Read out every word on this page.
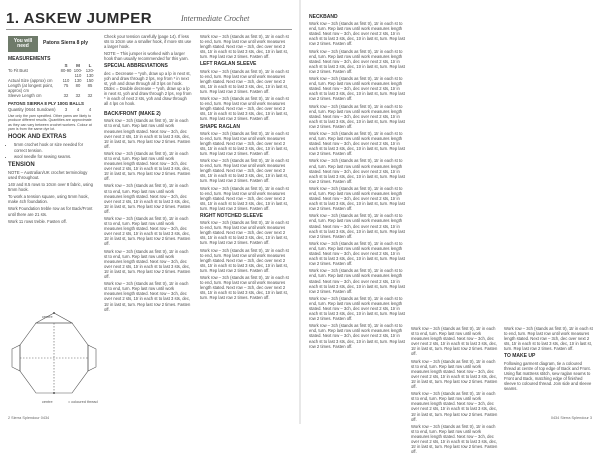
1. ASKEW JUMPER	Intermediate Crochet
You will need	Patons Sierra 8 ply
MEASUREMENTS
	S	M	L
To Fit Bust	80-90	100-110	120-130
Actual Size (approx) cm	110	130	150
Length (at longest point, approx) cm	75	80	85
Sleeve Length cm	32	32	32
PATONS SIERRA 8 PLY 100G BALLS
Quantity (0644 Sundown)	3	4	4

Use only the yarn specified. Other yarns are likely to produce different results. Quantities are approximate as they can vary between crochet workers. Colour at yarn is from the same dye lot.

HOOK AND EXTRAS
• 5mm crochet hook or size needed for correct tension.
• wool needle for sewing seams.
TENSION

NOTE – Australian/UK crochet terminology used throughout.

14tr and 8.5 rows to 10cm over 8 fabric, using 5mm hook.

To work a tension square, using 5mm hook, make 4ch foundation.

Work Foundation treble row as for Back/Front until there are 21 sts.

Work 11 rows treble. Fasten off.

centre
centre	= coloured thread

Check your tension carefully (page 14). If less sts to 10cm use a smaller hook, if more sts use a larger hook.

NOTE – This jumper is worked with a larger hook than usually recommended for this yarn.

SPECIAL ABBREVIATIONS

dec = Decrease – *yoh, draw up a lp in next st, yoh and draw through 2 lps, rep from * in next st, yoh and draw through all 3 lps on hook. Dtdec = Double decrease – *yoh, draw up a lp in next st, yoh and draw through 2 lps, rep from * in each of next 2 sts, yoh and draw through all 4 lps on hook.

BACK/FRONT (MAKE 2)

Work row – 3ch (stands as first tr), 1tr in each st to end, turn. Rep last row until work measures length stated. Next row – 3ch, dec over next 2 sts, 1tr in each st to last 3 sts, dec, 1tr in last st, turn. Rep last row 2 times. Fasten off.

Work row – 3ch (stands as first tr), 1tr in each st to end, turn. Rep last row until work measures length stated. Next row – 3ch, dec over next 2 sts, 1tr in each st to last 3 sts, dec, 1tr in last st, turn. Rep last row 2 times. Fasten off.

Work row – 3ch (stands as first tr), 1tr in each st to end, turn. Rep last row until work measures length stated. Next row – 3ch, dec over next 2 sts, 1tr in each st to last 3 sts, dec, 1tr in last st, turn. Rep last row 2 times. Fasten off.

Work row – 3ch (stands as first tr), 1tr in each st to end, turn. Rep last row until work measures length stated. Next row – 3ch, dec over next 2 sts, 1tr in each st to last 3 sts, dec, 1tr in last st, turn. Rep last row 2 times. Fasten off.

Work row – 3ch (stands as first tr), 1tr in each st to end, turn. Rep last row until work measures length stated. Next row – 3ch, dec over next 2 sts, 1tr in each st to last 3 sts, dec, 1tr in last st, turn. Rep last row 2 times. Fasten off.

Work row – 3ch (stands as first tr), 1tr in each st to end, turn. Rep last row until work measures length stated. Next row – 3ch, dec over next 2 sts, 1tr in each st to last 3 sts, dec, 1tr in last st, turn. Rep last row 2 times. Fasten off.

Work row – 3ch (stands as first tr), 1tr in each st to end, turn. Rep last row until work measures length stated. Next row – 3ch, dec over next 2 sts, 1tr in each st to last 3 sts, dec, 1tr in last st, turn. Rep last row 2 times. Fasten off.

LEFT RAGLAN SLEEVE

Work row – 3ch (stands as first tr), 1tr in each st to end, turn. Rep last row until work measures length stated. Next row – 3ch, dec over next 2 sts, 1tr in each st to last 3 sts, dec, 1tr in last st, turn. Rep last row 2 times. Fasten off.

Work row – 3ch (stands as first tr), 1tr in each st to end, turn. Rep last row until work measures length stated. Next row – 3ch, dec over next 2 sts, 1tr in each st to last 3 sts, dec, 1tr in last st, turn. Rep last row 2 times. Fasten off.

SHAPE RAGLAN

Work row – 3ch (stands as first tr), 1tr in each st to end, turn. Rep last row until work measures length stated. Next row – 3ch, dec over next 2 sts, 1tr in each st to last 3 sts, dec, 1tr in last st, turn. Rep last row 2 times. Fasten off.

Work row – 3ch (stands as first tr), 1tr in each st to end, turn. Rep last row until work measures length stated. Next row – 3ch, dec over next 2 sts, 1tr in each st to last 3 sts, dec, 1tr in last st, turn. Rep last row 2 times. Fasten off.

Work row – 3ch (stands as first tr), 1tr in each st to end, turn. Rep last row until work measures length stated. Next row – 3ch, dec over next 2 sts, 1tr in each st to last 3 sts, dec, 1tr in last st, turn. Rep last row 2 times. Fasten off.

RIGHT NOTCHED SLEEVE

Work row – 3ch (stands as first tr), 1tr in each st to end, turn. Rep last row until work measures length stated. Next row – 3ch, dec over next 2 sts, 1tr in each st to last 3 sts, dec, 1tr in last st, turn. Rep last row 2 times. Fasten off.

Work row – 3ch (stands as first tr), 1tr in each st to end, turn. Rep last row until work measures length stated. Next row – 3ch, dec over next 2 sts, 1tr in each st to last 3 sts, dec, 1tr in last st, turn. Rep last row 2 times. Fasten off.

Work row – 3ch (stands as first tr), 1tr in each st to end, turn. Rep last row until work measures length stated. Next row – 3ch, dec over next 2 sts, 1tr in each st to last 3 sts, dec, 1tr in last st, turn. Rep last row 2 times. Fasten off.

2 Sierra Splendour 0434
NECKBAND

Work row – 3ch (stands as first tr), 1tr in each st to end, turn. Rep last row until work measures length stated. Next row – 3ch, dec over next 2 sts, 1tr in each st to last 3 sts, dec, 1tr in last st, turn. Rep last row 2 times. Fasten off.

Work row – 3ch (stands as first tr), 1tr in each st to end, turn. Rep last row until work measures length stated. Next row – 3ch, dec over next 2 sts, 1tr in each st to last 3 sts, dec, 1tr in last st, turn. Rep last row 2 times. Fasten off.

Work row – 3ch (stands as first tr), 1tr in each st to end, turn. Rep last row until work measures length stated. Next row – 3ch, dec over next 2 sts, 1tr in each st to last 3 sts, dec, 1tr in last st, turn. Rep last row 2 times. Fasten off.

Work row – 3ch (stands as first tr), 1tr in each st to end, turn. Rep last row until work measures length stated. Next row – 3ch, dec over next 2 sts, 1tr in each st to last 3 sts, dec, 1tr in last st, turn. Rep last row 2 times. Fasten off.

Work row – 3ch (stands as first tr), 1tr in each st to end, turn. Rep last row until work measures length stated. Next row – 3ch, dec over next 2 sts, 1tr in each st to last 3 sts, dec, 1tr in last st, turn. Rep last row 2 times. Fasten off.

Work row – 3ch (stands as first tr), 1tr in each st to end, turn. Rep last row until work measures length stated. Next row – 3ch, dec over next 2 sts, 1tr in each st to last 3 sts, dec, 1tr in last st, turn. Rep last row 2 times. Fasten off.

Work row – 3ch (stands as first tr), 1tr in each st to end, turn. Rep last row until work measures length stated. Next row – 3ch, dec over next 2 sts, 1tr in each st to last 3 sts, dec, 1tr in last st, turn. Rep last row 2 times. Fasten off.

Work row – 3ch (stands as first tr), 1tr in each st to end, turn. Rep last row until work measures length stated. Next row – 3ch, dec over next 2 sts, 1tr in each st to last 3 sts, dec, 1tr in last st, turn. Rep last row 2 times. Fasten off.

Work row – 3ch (stands as first tr), 1tr in each st to end, turn. Rep last row until work measures length stated. Next row – 3ch, dec over next 2 sts, 1tr in each st to last 3 sts, dec, 1tr in last st, turn. Rep last row 2 times. Fasten off.

Work row – 3ch (stands as first tr), 1tr in each st to end, turn. Rep last row until work measures length stated. Next row – 3ch, dec over next 2 sts, 1tr in each st to last 3 sts, dec, 1tr in last st, turn. Rep last row 2 times. Fasten off.

Work row – 3ch (stands as first tr), 1tr in each st to end, turn. Rep last row until work measures length stated. Next row – 3ch, dec over next 2 sts, 1tr in each st to last 3 sts, dec, 1tr in last st, turn. Rep last row 2 times. Fasten off.

Work row – 3ch (stands as first tr), 1tr in each st to end, turn. Rep last row until work measures length stated. Next row – 3ch, dec over next 2 sts, 1tr in each st to last 3 sts, dec, 1tr in last st, turn. Rep last row 2 times. Fasten off.

Work row – 3ch (stands as first tr), 1tr in each st to end, turn. Rep last row until work measures length stated. Next row – 3ch, dec over next 2 sts, 1tr in each st to last 3 sts, dec, 1tr in last st, turn. Rep last row 2 times. Fasten off.

Work row – 3ch (stands as first tr), 1tr in each st to end, turn. Rep last row until work measures length stated. Next row – 3ch, dec over next 2 sts, 1tr in each st to last 3 sts, dec, 1tr in last st, turn. Rep last row 2 times. Fasten off.

Work row – 3ch (stands as first tr), 1tr in each st to end, turn. Rep last row until work measures length stated. Next row – 3ch, dec over next 2 sts, 1tr in each st to last 3 sts, dec, 1tr in last st, turn. Rep last row 2 times. Fasten off.

Work row – 3ch (stands as first tr), 1tr in each st to end, turn. Rep last row until work measures length stated. Next row – 3ch, dec over next 2 sts, 1tr in each st to last 3 sts, dec, 1tr in last st, turn. Rep last row 2 times. Fasten off.

Work row – 3ch (stands as first tr), 1tr in each st to end, turn. Rep last row until work measures length stated. Next row – 3ch, dec over next 2 sts, 1tr in each st to last 3 sts, dec, 1tr in last st, turn. Rep last row 2 times. Fasten off.

TO MAKE UP

Following garment diagram, tie a coloured thread at centre of top edge of Back and Front. Using flat mattress stitch, sew raglan seams to Front and Back, matching edge of finished sleeve to coloured thread. Join side and sleeve seams.

0434 Sierra Splendour 3
